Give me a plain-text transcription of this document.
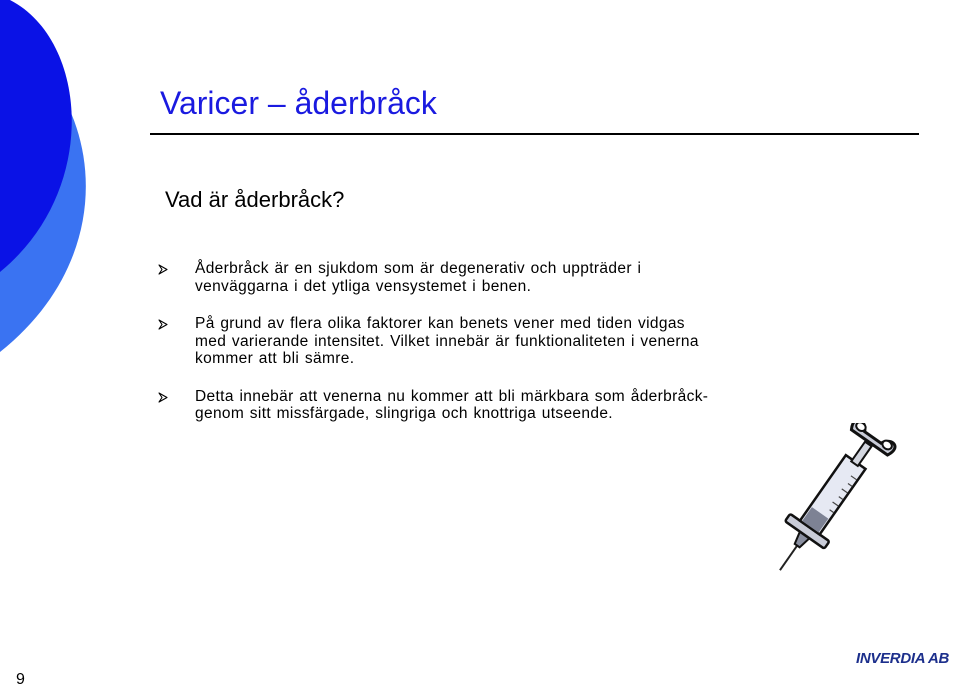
Varicer – åderbråck
Vad är åderbråck?
Åderbråck är en sjukdom som är degenerativ och uppträder i venväggarna i det ytliga vensystemet i benen.
På grund av flera olika faktorer kan benets vener med tiden vidgas med varierande intensitet. Vilket innebär är funktionaliteten i venerna kommer att bli sämre.
Detta innebär att venerna nu kommer att bli märkbara som åderbråck- genom sitt missfärgade, slingriga och knottriga utseende.
9
INVERDIA AB
